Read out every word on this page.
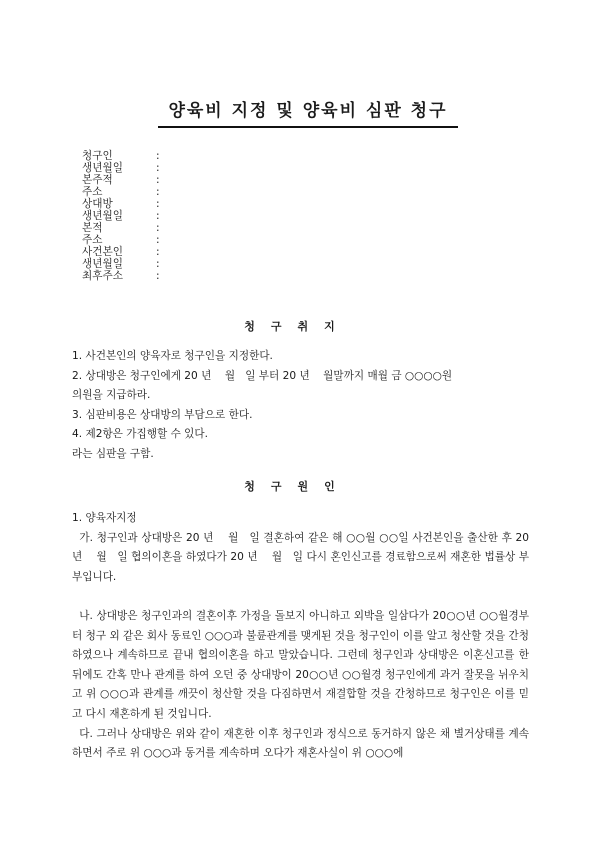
양육비 지정 및 양육비 심판 청구
청구인	:
생년월일	:
본주적	:
주소	:
상대방	:
생년월일	:
본적	:
주소	:
사건본인	:
생년월일	:
최후주소	:
청구취지

1. 사건본인의 양육자로 청구인을 지정한다.

2. 상대방은 청구인에게 20 년    월   일 부터 20 년    월말까지 매월 금 ○○○○원

의원을 지급하라.

3. 심판비용은 상대방의 부담으로 한다.

4. 제2항은 가집행할 수 있다.

라는 심판을 구함.

청구원인

1. 양육자지정

가. 청구인과 상대방은 20 년    월   일 결혼하여 같은 해 ○○월 ○○일 사건본인을 출산한 후 20 년    월   일 협의이혼을 하였다가 20 년    월   일 다시 혼인신고를 경료함으로써 재혼한 법률상 부부입니다.

나. 상대방은 청구인과의 결혼이후 가정을 돌보지 아니하고 외박을 일삼다가 20○○년 ○○월경부터 청구 외 같은 회사 동료인 ○○○과 불륜관계를 맺게된 것을 청구인이 이를 알고 청산할 것을 간청하였으나 계속하므로 끝내 협의이혼을 하고 말았습니다. 그런데 청구인과 상대방은 이혼신고를 한 뒤에도 간혹 만나 관계를 하여 오던 중 상대방이 20○○년 ○○월경 청구인에게 과거 잘못을 뉘우치고 위 ○○○과 관계를 깨끗이 청산할 것을 다짐하면서 재결합할 것을 간청하므로 청구인은 이를 믿고 다시 재혼하게 된 것입니다.

다. 그러나 상대방은 위와 같이 재혼한 이후 청구인과 정식으로 동거하지 않은 채 별거상태를 계속하면서 주로 위 ○○○과 동거를 계속하며 오다가 재혼사실이 위 ○○○에
